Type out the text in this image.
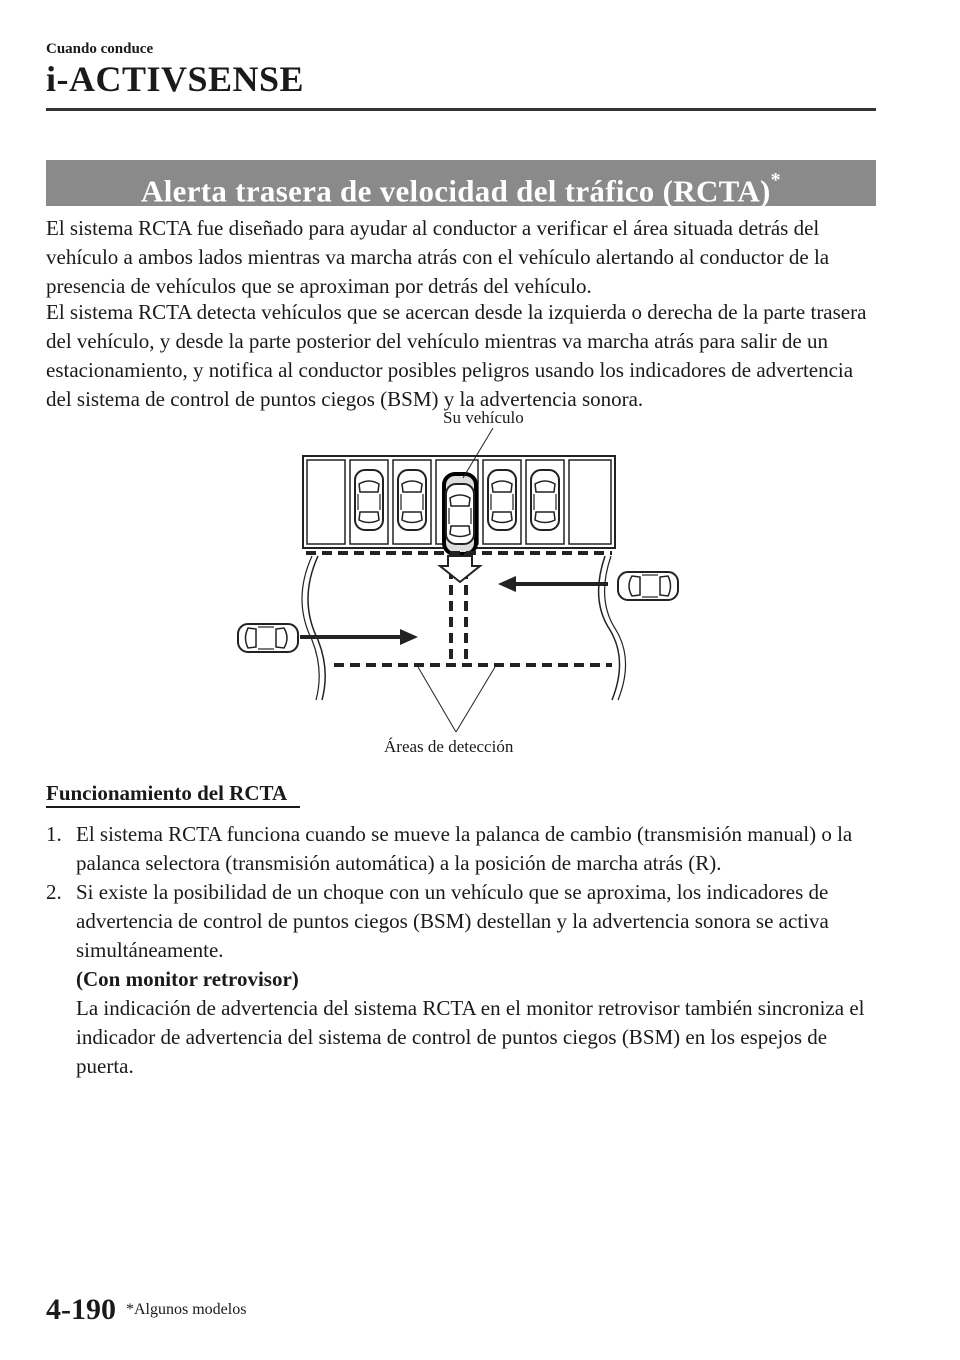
Cuando conduce
i-ACTIVSENSE
Alerta trasera de velocidad del tráfico (RCTA)*

El sistema RCTA fue diseñado para ayudar al conductor a verificar el área situada detrás del vehículo a ambos lados mientras va marcha atrás con el vehículo alertando al conductor de la presencia de vehículos que se aproximan por detrás del vehículo.

El sistema RCTA detecta vehículos que se acercan desde la izquierda o derecha de la parte trasera del vehículo, y desde la parte posterior del vehículo mientras va marcha atrás para salir de un estacionamiento, y notifica al conductor posibles peligros usando los indicadores de advertencia del sistema de control de puntos ciegos (BSM) y la advertencia sonora.

Su vehículo
Áreas de detección
Funcionamiento del RCTA
1. El sistema RCTA funciona cuando se mueve la palanca de cambio (transmisión manual) o la palanca selectora (transmisión automática) a la posición de marcha atrás (R).
2. Si existe la posibilidad de un choque con un vehículo que se aproxima, los indicadores de advertencia de control de puntos ciegos (BSM) destellan y la advertencia sonora se activa simultáneamente.
(Con monitor retrovisor)
La indicación de advertencia del sistema RCTA en el monitor retrovisor también sincroniza el indicador de advertencia del sistema de control de puntos ciegos (BSM) en los espejos de puerta.
4-190 *Algunos modelos
